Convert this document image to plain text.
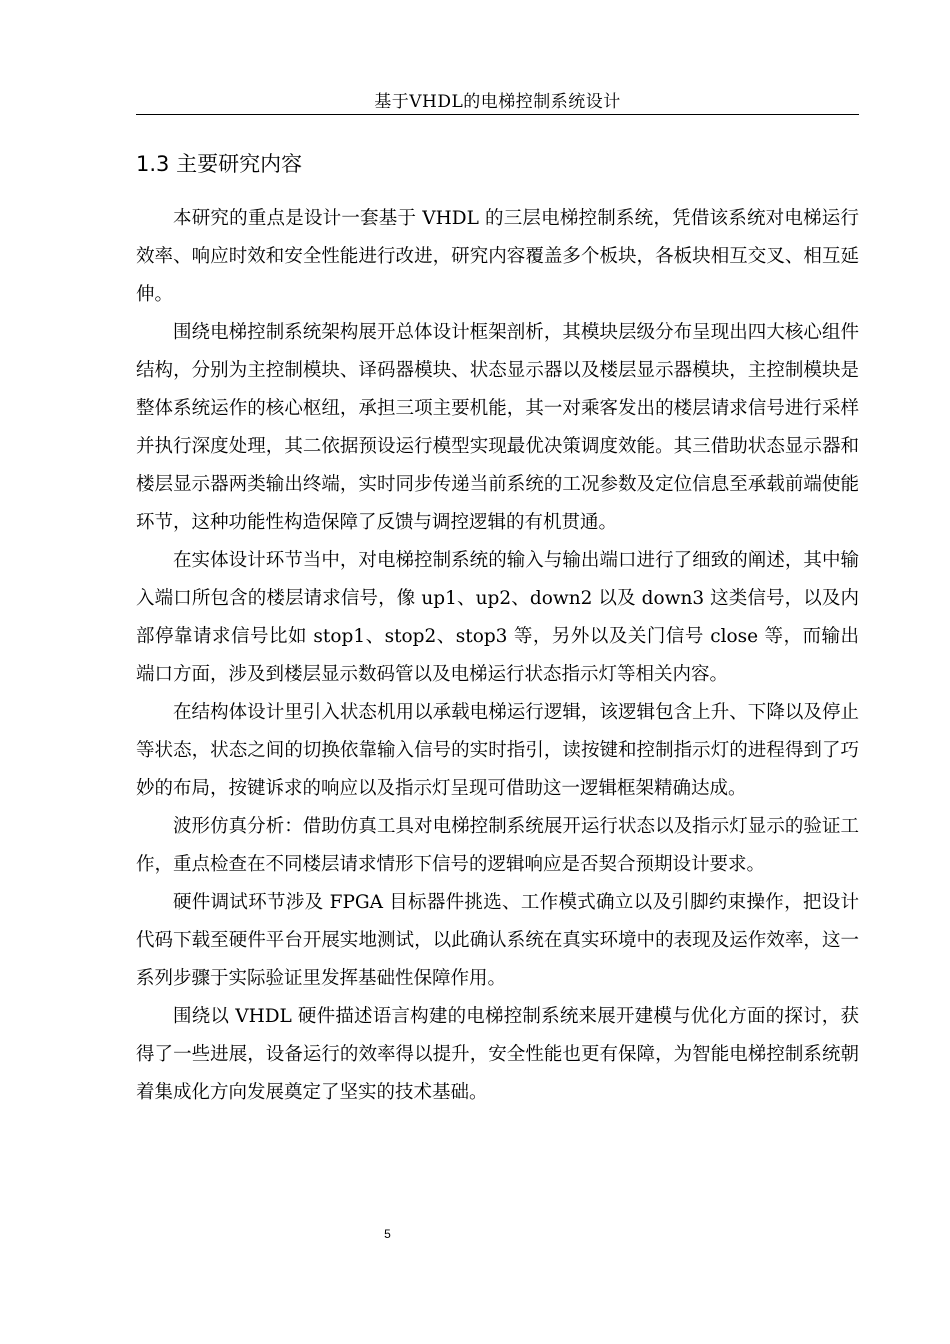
基于VHDL的电梯控制系统设计
1.3 主要研究内容

本研究的重点是设计一套基于 VHDL 的三层电梯控制系统，凭借该系统对电梯运行效率、响应时效和安全性能进行改进，研究内容覆盖多个板块，各板块相互交叉、相互延伸。

围绕电梯控制系统架构展开总体设计框架剖析，其模块层级分布呈现出四大核心组件结构，分别为主控制模块、译码器模块、状态显示器以及楼层显示器模块，主控制模块是整体系统运作的核心枢纽，承担三项主要机能，其一对乘客发出的楼层请求信号进行采样并执行深度处理，其二依据预设运行模型实现最优决策调度效能。其三借助状态显示器和楼层显示器两类输出终端，实时同步传递当前系统的工况参数及定位信息至承载前端使能环节，这种功能性构造保障了反馈与调控逻辑的有机贯通。

在实体设计环节当中，对电梯控制系统的输入与输出端口进行了细致的阐述，其中输入端口所包含的楼层请求信号，像 up1、up2、down2 以及 down3 这类信号，以及内部停靠请求信号比如 stop1、stop2、stop3 等，另外以及关门信号 close 等，而输出端口方面，涉及到楼层显示数码管以及电梯运行状态指示灯等相关内容。

在结构体设计里引入状态机用以承载电梯运行逻辑，该逻辑包含上升、下降以及停止等状态，状态之间的切换依靠输入信号的实时指引，读按键和控制指示灯的进程得到了巧妙的布局，按键诉求的响应以及指示灯呈现可借助这一逻辑框架精确达成。

波形仿真分析：借助仿真工具对电梯控制系统展开运行状态以及指示灯显示的验证工作，重点检查在不同楼层请求情形下信号的逻辑响应是否契合预期设计要求。

硬件调试环节涉及 FPGA 目标器件挑选、工作模式确立以及引脚约束操作，把设计代码下载至硬件平台开展实地测试，以此确认系统在真实环境中的表现及运作效率，这一系列步骤于实际验证里发挥基础性保障作用。

围绕以 VHDL 硬件描述语言构建的电梯控制系统来展开建模与优化方面的探讨，获得了一些进展，设备运行的效率得以提升，安全性能也更有保障，为智能电梯控制系统朝着集成化方向发展奠定了坚实的技术基础。

5
